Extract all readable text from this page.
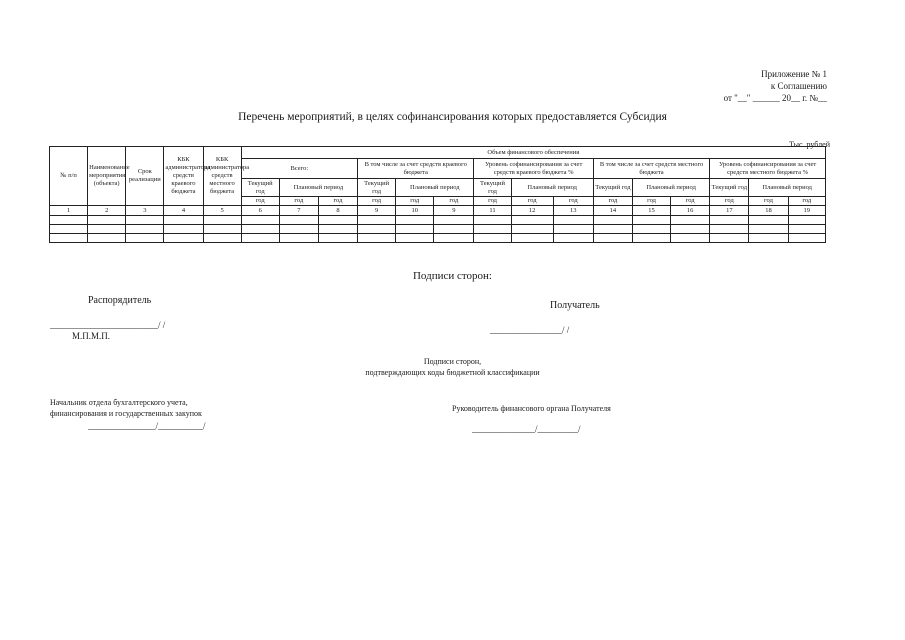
Приложение № 1
к Соглашению
от "__" ______ 20__ г. №__
Перечень мероприятий, в целях софинансирования которых предоставляется Субсидия
Тыс. рублей
№ п/п	Наименование мероприятия (объекта)	Срок реализации	КБК администратора средств краевого бюджета	КБК администратора средств местного бюджета	Объем финансового обеспечения														
					Всего:			В том числе за счет средств краевого бюджета			Уровень софинансирования за счет средств краевого бюджета %			В том числе за счет средств местного бюджета			Уровень софинансирования за счет средств местного бюджета %		
					Текущий год	Плановый период		Текущий год	Плановый период		Текущий год	Плановый период		Текущий год	Плановый период		Текущий год	Плановый период	
					год	год	год	год	год	год	год	год	год	год	год	год	год	год	год
1	2	3	4	5	6	7	8	9	10	9	11	12	13	14	15	16	17	18	19

Подписи сторон:
Распорядитель
________________________/ /
М.П.М.П.
Получатель
________________/ /
Подписи сторон,
подтверждающих коды бюджетной классификации
Начальник отдела бухгалтерского учета,
финансирования и государственных закупок
_______________/__________/
Руководитель финансового органа Получателя
______________/_________/
